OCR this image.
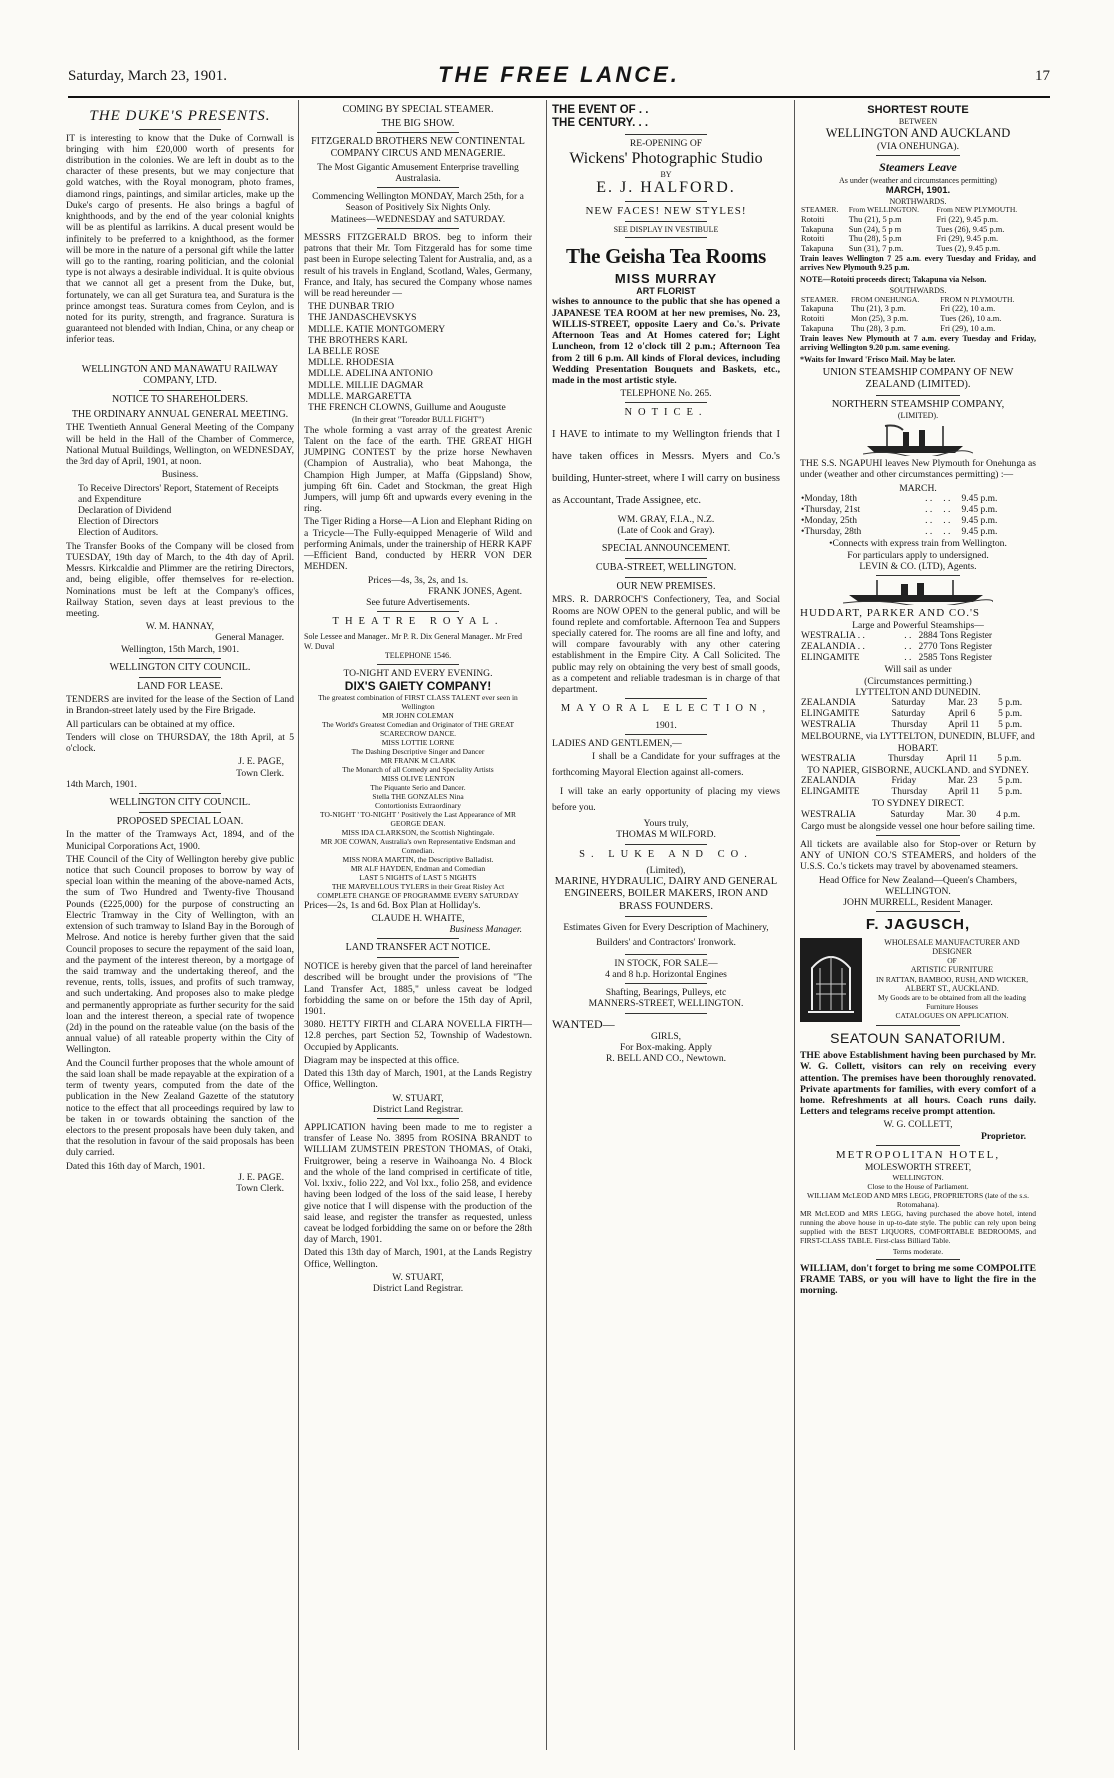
Saturday, March 23, 1901.	THE FREE LANCE.	17
THE DUKE'S PRESENTS.

IT is interesting to know that the Duke of Cornwall is bringing with him £20,000 worth of presents for distribution in the colonies. We are left in doubt as to the character of these presents, but we may conjecture that gold watches, with the Royal monogram, photo frames, diamond rings, paintings, and similar articles, make up the Duke's cargo of presents. He also brings a bagful of knighthoods, and by the end of the year colonial knights will be as plentiful as larrikins. A ducal present would be infinitely to be preferred to a knighthood, as the former will be more in the nature of a personal gift while the latter will go to the ranting, roaring politician, and the colonial type is not always a desirable individual. It is quite obvious that we cannot all get a present from the Duke, but, fortunately, we can all get Suratura tea, and Suratura is the prince amongst teas. Suratura comes from Ceylon, and is noted for its purity, strength, and fragrance. Suratura is guaranteed not blended with Indian, China, or any cheap or inferior teas.

WELLINGTON AND MANAWATU RAILWAY COMPANY, LTD.
NOTICE TO SHAREHOLDERS.
THE ORDINARY ANNUAL GENERAL MEETING.

THE Twentieth Annual General Meeting of the Company will be held in the Hall of the Chamber of Commerce, National Mutual Buildings, Wellington, on WEDNESDAY, the 3rd day of April, 1901, at noon.

Business.
To Receive Directors' Report, Statement of Receipts and Expenditure
Declaration of Dividend
Election of Directors
Election of Auditors.

The Transfer Books of the Company will be closed from TUESDAY, 19th day of March, to the 4th day of April. Messrs. Kirkcaldie and Plimmer are the retiring Directors, and, being eligible, offer themselves for re-election. Nominations must be left at the Company's offices, Railway Station, seven days at least previous to the meeting.

W. M. HANNAY,
General Manager.
Wellington, 15th March, 1901.
WELLINGTON CITY COUNCIL.
LAND FOR LEASE.

TENDERS are invited for the lease of the Section of Land in Brandon-street lately used by the Fire Brigade.

All particulars can be obtained at my office.

Tenders will close on THURSDAY, the 18th April, at 5 o'clock.

J. E. PAGE,
Town Clerk.
14th March, 1901.
WELLINGTON CITY COUNCIL.
PROPOSED SPECIAL LOAN.

In the matter of the Tramways Act, 1894, and of the Municipal Corporations Act, 1900.

THE Council of the City of Wellington hereby give public notice that such Council proposes to borrow by way of special loan within the meaning of the above-named Acts, the sum of Two Hundred and Twenty-five Thousand Pounds (£225,000) for the purpose of constructing an Electric Tramway in the City of Wellington, with an extension of such tramway to Island Bay in the Borough of Melrose. And notice is hereby further given that the said Council proposes to secure the repayment of the said loan, and the payment of the interest thereon, by a mortgage of the said tramway and the undertaking thereof, and the revenue, rents, tolls, issues, and profits of such tramway, and such undertaking. And proposes also to make pledge and permanently appropriate as further security for the said loan and the interest thereon, a special rate of twopence (2d) in the pound on the rateable value (on the basis of the annual value) of all rateable property within the City of Wellington.

And the Council further proposes that the whole amount of the said loan shall be made repayable at the expiration of a term of twenty years, computed from the date of the publication in the New Zealand Gazette of the statutory notice to the effect that all proceedings required by law to be taken in or towards obtaining the sanction of the electors to the present proposals have been duly taken, and that the resolution in favour of the said proposals has been duly carried.

Dated this 16th day of March, 1901.
J. E. PAGE.
Town Clerk.
COMING BY SPECIAL STEAMER.
THE BIG SHOW.
FITZGERALD BROTHERS NEW CONTINENTAL COMPANY CIRCUS AND MENAGERIE.
The Most Gigantic Amusement Enterprise travelling Australasia.
Commencing Wellington MONDAY, March 25th, for a Season of Positively Six Nights Only.
Matinees—WEDNESDAY and SATURDAY.

MESSRS FITZGERALD BROS. beg to inform their patrons that their Mr. Tom Fitzgerald has for some time past been in Europe selecting Talent for Australia, and, as a result of his travels in England, Scotland, Wales, Germany, France, and Italy, has secured the Company whose names will be read hereunder —

THE DUNBAR TRIO
THE JANDASCHEVSKYS
MDLLE. KATIE MONTGOMERY
THE BROTHERS KARL
LA BELLE ROSE
MDLLE. RHODESIA
MDLLE. ADELINA ANTONIO
MDLLE. MILLIE DAGMAR
MDLLE. MARGARETTA
THE FRENCH CLOWNS, Guillume and Aouguste
(In their great "Toreador BULL FIGHT")

The whole forming a vast array of the greatest Arenic Talent on the face of the earth. THE GREAT HIGH JUMPING CONTEST by the prize horse Newhaven (Champion of Australia), who beat Mahonga, the Champion High Jumper, at Maffa (Gippsland) Show, jumping 6ft 6in. Cadet and Stockman, the great High Jumpers, will jump 6ft and upwards every evening in the ring.

The Tiger Riding a Horse—A Lion and Elephant Riding on a Tricycle—The Fully-equipped Menagerie of Wild and performing Animals, under the trainership of HERR KAPF—Efficient Band, conducted by HERR VON DER MEHDEN.

Prices—4s, 3s, 2s, and 1s.
FRANK JONES, Agent.
See future Advertisements.
THEATRE ROYAL.
Sole Lessee and Manager.. Mr P. R. Dix General Manager.. Mr Fred W. Duval
TELEPHONE 1546.
TO-NIGHT AND EVERY EVENING.
DIX'S GAIETY COMPANY!
The greatest combination of FIRST CLASS TALENT ever seen in Wellington
MR JOHN COLEMAN
The World's Greatest Comedian and Originator of THE GREAT SCARECROW DANCE.
MISS LOTTIE LORNE
The Dashing Descriptive Singer and Dancer
MR FRANK M CLARK
The Monarch of all Comedy and Speciality Artists
MISS OLIVE LENTON
The Piquante Serio and Dancer.
Stella THE GONZALES Nina
Contortionists Extraordinary
TO-NIGHT ' TO-NIGHT ' Positively the Last Appearance of MR GEORGE DEAN.
MISS IDA CLARKSON, the Scottish Nightingale.
MR JOE COWAN, Australia's own Representative Endsman and Comedian.
MISS NORA MARTIN, the Descriptive Balladist.
MR ALF HAYDEN, Endman and Comedian
LAST 5 NIGHTS of LAST 5 NIGHTS
THE MARVELLOUS TYLERS in their Great Risley Act
COMPLETE CHANGE OF PROGRAMME EVERY SATURDAY

Prices—2s, 1s and 6d. Box Plan at Holliday's.

CLAUDE H. WHAITE,
Business Manager.
LAND TRANSFER ACT NOTICE.

NOTICE is hereby given that the parcel of land hereinafter described will be brought under the provisions of "The Land Transfer Act, 1885," unless caveat be lodged forbidding the same on or before the 15th day of April, 1901.

3080. HETTY FIRTH and CLARA NOVELLA FIRTH—12.8 perches, part Section 52, Township of Wadestown. Occupied by Applicants.

Diagram may be inspected at this office.

Dated this 13th day of March, 1901, at the Lands Registry Office, Wellington.

W. STUART,
District Land Registrar.

APPLICATION having been made to me to register a transfer of Lease No. 3895 from ROSINA BRANDT to WILLIAM ZUMSTEIN PRESTON THOMAS, of Otaki, Fruitgrower, being a reserve in Waihoanga No. 4 Block and the whole of the land comprised in certificate of title, Vol. lxxiv., folio 222, and Vol lxx., folio 258, and evidence having been lodged of the loss of the said lease, I hereby give notice that I will dispense with the production of the said lease, and register the transfer as requested, unless caveat be lodged forbidding the same on or before the 28th day of March, 1901.

Dated this 13th day of March, 1901, at the Lands Registry Office, Wellington.

W. STUART,
District Land Registrar.
THE EVENT OF . .
THE CENTURY. . .
RE-OPENING OF
Wickens' Photographic Studio
BY
E. J. HALFORD.
NEW FACES! NEW STYLES!
SEE DISPLAY IN VESTIBULE
The Geisha Tea Rooms
MISS MURRAY
ART FLORIST

wishes to announce to the public that she has opened a JAPANESE TEA ROOM at her new premises, No. 23, WILLIS-STREET, opposite Laery and Co.'s. Private Afternoon Teas and At Homes catered for; Light Luncheon, from 12 o'clock till 2 p.m.; Afternoon Tea from 2 till 6 p.m. All kinds of Floral devices, including Wedding Presentation Bouquets and Baskets, etc., made in the most artistic style.

TELEPHONE No. 265.
NOTICE.

I HAVE to intimate to my Wellington friends that I have taken offices in Messrs. Myers and Co.'s building, Hunter-street, where I will carry on business as Accountant, Trade Assignee, etc.

WM. GRAY, F.I.A., N.Z.
(Late of Cook and Gray).
SPECIAL ANNOUNCEMENT.
CUBA-STREET, WELLINGTON.
OUR NEW PREMISES.

MRS. R. DARROCH'S Confectionery, Tea, and Social Rooms are NOW OPEN to the general public, and will be found replete and comfortable. Afternoon Tea and Suppers specially catered for. The rooms are all fine and lofty, and will compare favourably with any other catering establishment in the Empire City. A Call Solicited. The public may rely on obtaining the very best of small goods, as a competent and reliable tradesman is in charge of that department.

MAYORAL ELECTION,
1901.
LADIES AND GENTLEMEN,—

I shall be a Candidate for your suffrages at the forthcoming Mayoral Election against all-comers.

I will take an early opportunity of placing my views before you.

Yours truly,
THOMAS M WILFORD.
S. LUKE AND CO.
(Limited),
MARINE, HYDRAULIC, DAIRY AND GENERAL ENGINEERS, BOILER MAKERS, IRON AND BRASS FOUNDERS.
Estimates Given for Every Description of Machinery, Builders' and Contractors' Ironwork.
IN STOCK, FOR SALE—
4 and 8 h.p. Horizontal Engines
Shafting, Bearings, Pulleys, etc
MANNERS-STREET, WELLINGTON.
WANTED—
GIRLS,
For Box-making. Apply
R. BELL AND CO., Newtown.
SHORTEST ROUTE
BETWEEN
WELLINGTON AND AUCKLAND
(VIA ONEHUNGA).
Steamers Leave
As under (weather and circumstances permitting)
MARCH, 1901.
NORTHWARDS.
STEAMER.	From WELLINGTON.	From NEW PLYMOUTH.
Rotoiti	Thu (21), 5 p.m	Fri (22), 9.45 p.m.
Takapuna	Sun (24), 5 p m	Tues (26), 9.45 p.m.
Rotoiti	Thu (28), 5 p.m	Fri (29), 9.45 p.m.
Takapuna	Sun (31), 7 p.m.	Tues (2), 9.45 p.m.

Train leaves Wellington 7 25 a.m. every Tuesday and Friday, and arrives New Plymouth 9.25 p.m.

NOTE—Rotoiti proceeds direct; Takapuna via Nelson.

SOUTHWARDS.
STEAMER.	FROM ONEHUNGA.	FROM N PLYMOUTH.
Takapuna	Thu (21), 3 p.m.	Fri (22), 10 a.m.
Rotoiti	Mon (25), 3 p.m.	Tues (26), 10 a.m.
Takapuna	Thu (28), 3 p.m.	Fri (29), 10 a.m.

Train leaves New Plymouth at 7 a.m. every Tuesday and Friday, arriving Wellington 9.20 p.m. same evening.

*Waits for Inward 'Frisco Mail. May be later.

UNION STEAMSHIP COMPANY OF NEW ZEALAND (LIMITED).
NORTHERN STEAMSHIP COMPANY,
(LIMITED).

THE S.S. NGAPUHI leaves New Plymouth for Onehunga as under (weather and other circumstances permitting) :—

MARCH.
•Monday, 18th	. .	. .	9.45 p.m.
•Thursday, 21st	. .	. .	9.45 p.m.
•Monday, 25th	. .	. .	9.45 p.m.
•Thursday, 28th	. .	. .	9.45 p.m.
•Connects with express train from Wellington.
For particulars apply to undersigned.
LEVIN & CO. (LTD), Agents.
HUDDART, PARKER AND CO.'S
Large and Powerful Steamships—
WESTRALIA . .	. .	2884 Tons Register
ZEALANDIA . .	. .	2770 Tons Register
ELINGAMITE	. .	2585 Tons Register
Will sail as under
(Circumstances permitting.)
LYTTELTON AND DUNEDIN.
ZEALANDIA	Saturday	Mar. 23	5 p.m.
ELINGAMITE	Saturday	April 6	5 p.m.
WESTRALIA	Thursday	April 11	5 p.m.
MELBOURNE, via LYTTELTON, DUNEDIN, BLUFF, and HOBART.
WESTRALIA	Thursday	April 11	5 p.m.
TO NAPIER, GISBORNE, AUCKLAND. and SYDNEY.
ZEALANDIA	Friday	Mar. 23	5 p.m.
ELINGAMITE	Thursday	April 11	5 p.m.
TO SYDNEY DIRECT.
WESTRALIA	Saturday	Mar. 30	4 p.m.
Cargo must be alongside vessel one hour before sailing time.

All tickets are available also for Stop-over or Return by ANY of UNION CO.'S STEAMERS, and holders of the U.S.S. Co.'s tickets may travel by abovenamed steamers.

Head Office for New Zealand—Queen's Chambers, WELLINGTON.
JOHN MURRELL, Resident Manager.
F. JAGUSCH,
WHOLESALE MANUFACTURER AND DESIGNER
OF
ARTISTIC FURNITURE
IN RATTAN, BAMBOO, RUSH, AND WICKER,
ALBERT ST., AUCKLAND.
My Goods are to be obtained from all the leading Furniture Houses
CATALOGUES ON APPLICATION.
SEATOUN SANATORIUM.

THE above Establishment having been purchased by Mr. W. G. Collett, visitors can rely on receiving every attention. The premises have been thoroughly renovated. Private apartments for families, with every comfort of a home. Refreshments at all hours. Coach runs daily. Letters and telegrams receive prompt attention.

W. G. COLLETT,
Proprietor.
METROPOLITAN HOTEL,
MOLESWORTH STREET,
WELLINGTON.
Close to the House of Parliament.
WILLIAM McLEOD AND MRS LEGG, PROPRIETORS (late of the s.s. Rotomahana).

MR McLEOD and MRS LEGG, having purchased the above hotel, intend running the above house in up-to-date style. The public can rely upon being supplied with the BEST LIQUORS, COMFORTABLE BEDROOMS, and FIRST-CLASS TABLE. First-class Billiard Table.

Terms moderate.

WILLIAM, don't forget to bring me some COMPOLITE FRAME TABS, or you will have to light the fire in the morning.
